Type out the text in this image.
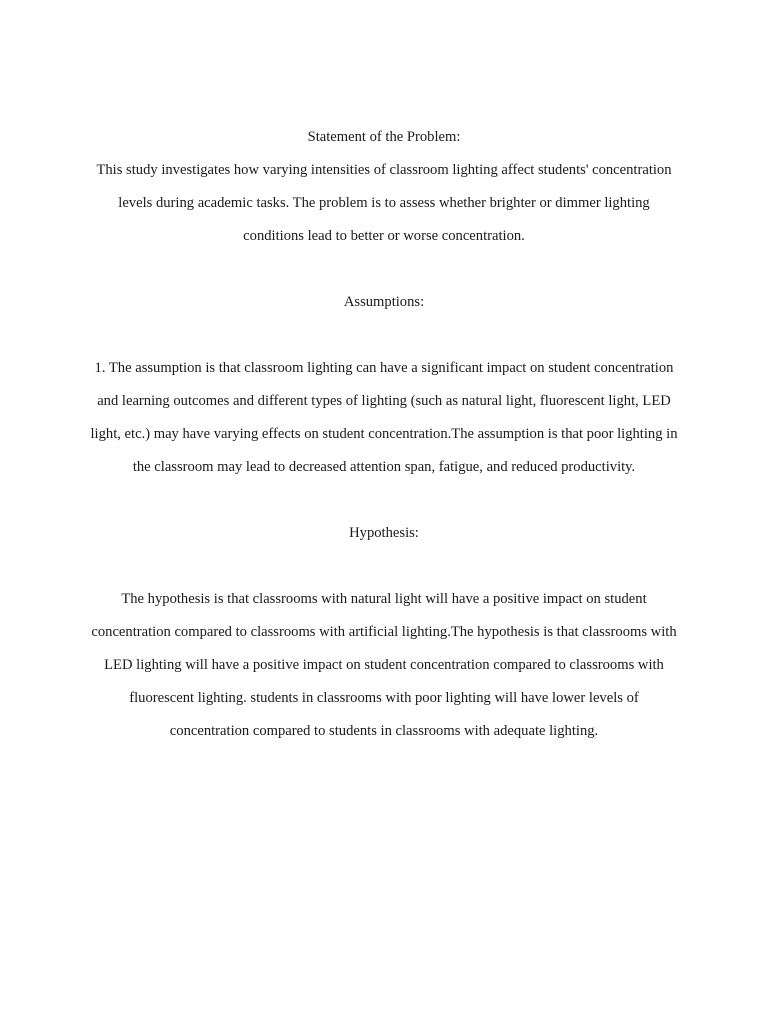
Statement of the Problem:

This study investigates how varying intensities of classroom lighting affect students' concentration levels during academic tasks. The problem is to assess whether brighter or dimmer lighting conditions lead to better or worse concentration.

Assumptions:

1. The assumption is that classroom lighting can have a significant impact on student concentration and learning outcomes and different types of lighting (such as natural light, fluorescent light, LED light, etc.) may have varying effects on student concentration.The assumption is that poor lighting in the classroom may lead to decreased attention span, fatigue, and reduced productivity.

Hypothesis:

The hypothesis is that classrooms with natural light will have a positive impact on student concentration compared to classrooms with artificial lighting.The hypothesis is that classrooms with LED lighting will have a positive impact on student concentration compared to classrooms with fluorescent lighting. students in classrooms with poor lighting will have lower levels of concentration compared to students in classrooms with adequate lighting.
